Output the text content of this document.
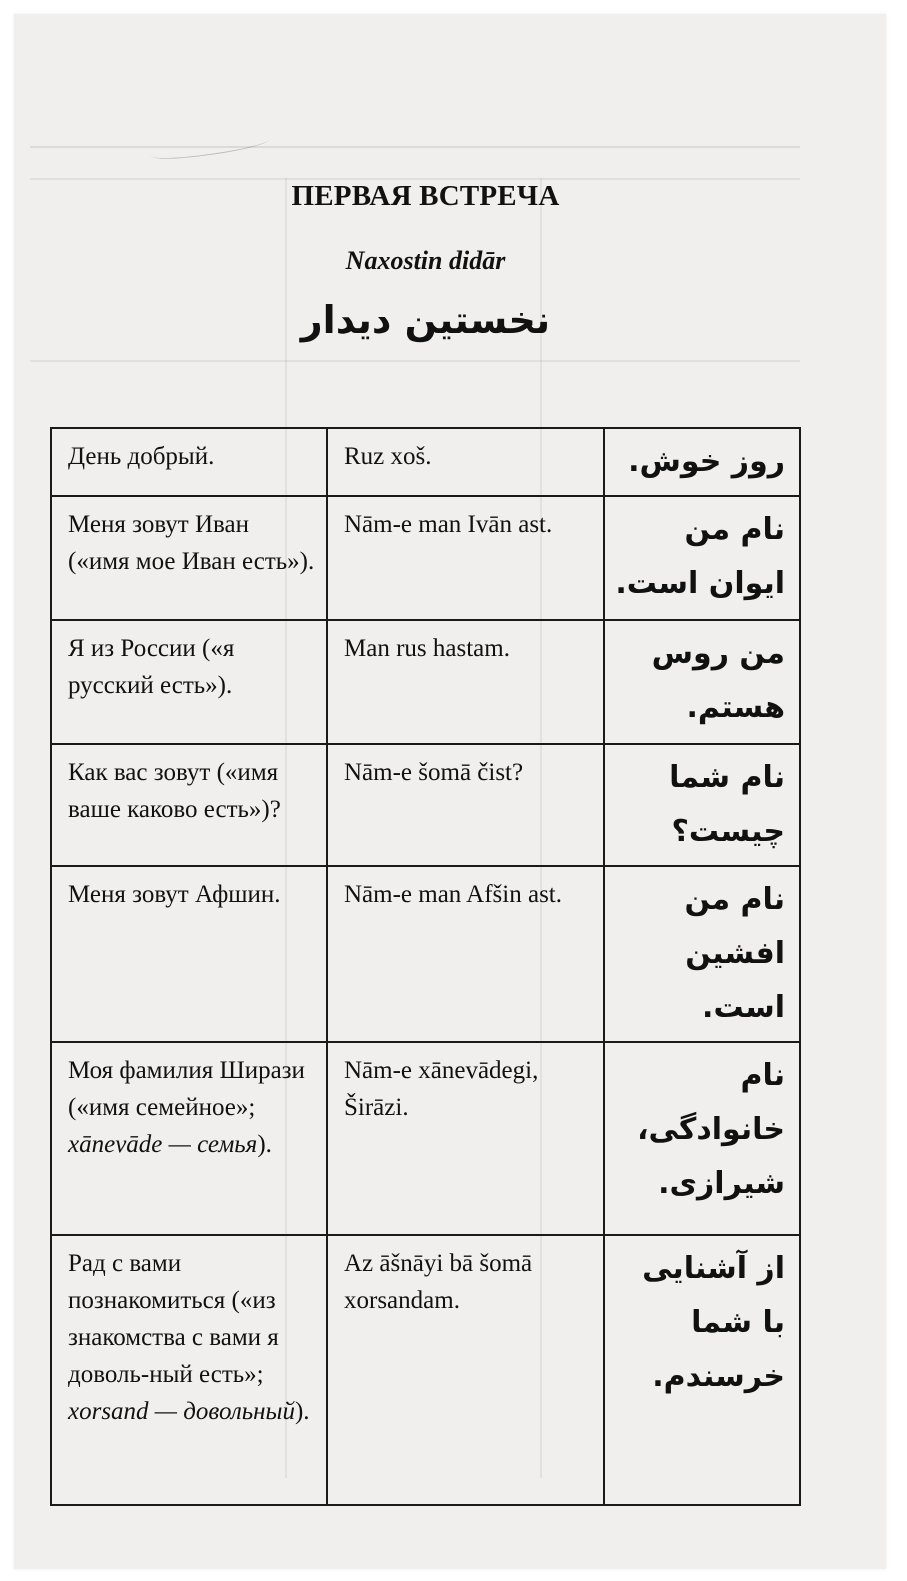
ПЕРВАЯ ВСТРЕЧА
Naxostin didār
نخستین دیدار
День добрый.	Ruz xoš.	روز خوش.
Меня зовут Иван («имя мое Иван есть»).	Nām-e man Ivān ast.	نام من ایوان است.
Я из России («я русский есть»).	Man rus hastam.	من روس هستم.
Как вас зовут («имя ваше каково есть»)?	Nām-e šomā čist?	نام شما چیست؟
Меня зовут Афшин.	Nām-e man Afšin ast.	نام من افشین است.
Моя фамилия Ширази («имя семейное»; xānevāde — семья).	Nām-e xānevādegi, Širāzi.	نام خانوادگی، شیرازی.
Рад с вами познакомиться («из знакомства с вами я доволь-ный есть»; xorsand — довольный).	Az āšnāyi bā šomā xorsandam.	از آشنایی با شما خرسندم.
